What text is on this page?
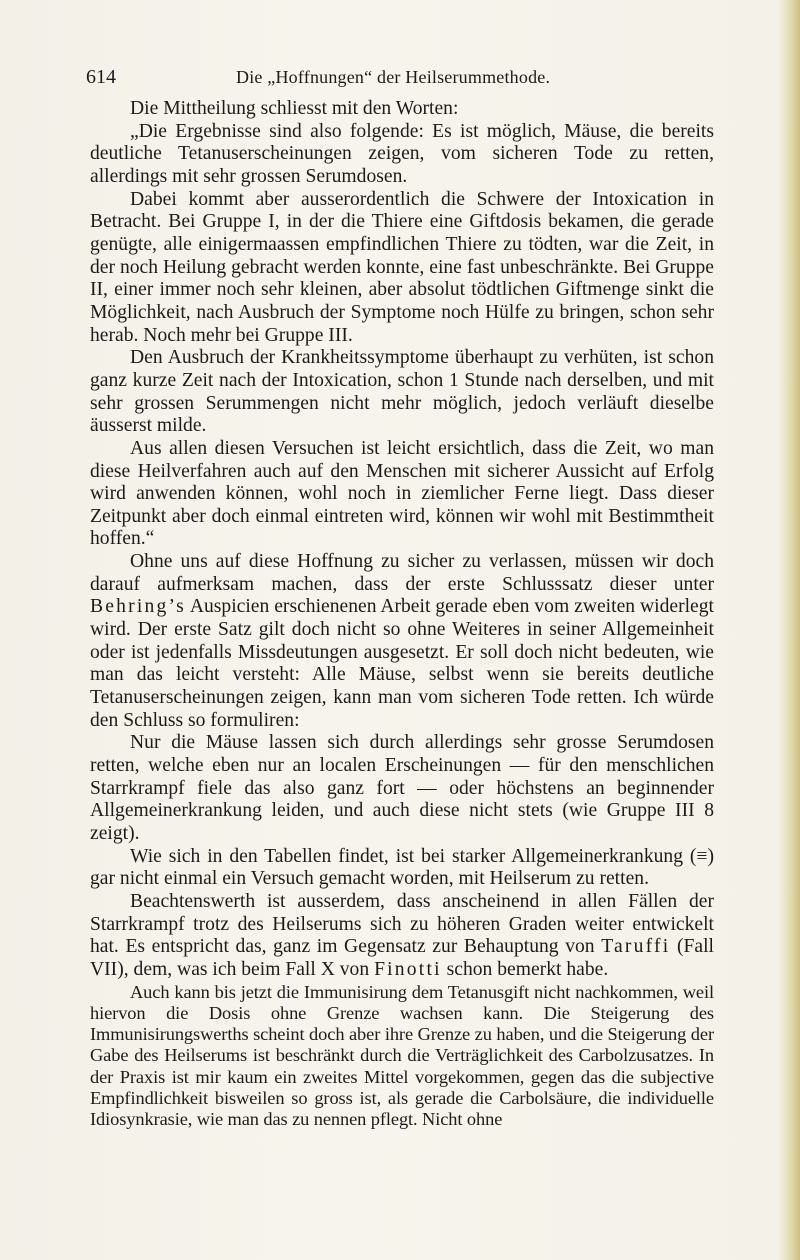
614	Die „Hoffnungen“ der Heilserummethode.

Die Mittheilung schliesst mit den Worten:

„Die Ergebnisse sind also folgende: Es ist möglich, Mäuse, die bereits deutliche Tetanuserscheinungen zeigen, vom sicheren Tode zu retten, allerdings mit sehr grossen Serumdosen.

Dabei kommt aber ausserordentlich die Schwere der Intoxication in Betracht. Bei Gruppe I, in der die Thiere eine Giftdosis bekamen, die gerade genügte, alle einigermaassen empfindlichen Thiere zu tödten, war die Zeit, in der noch Heilung gebracht werden konnte, eine fast unbeschränkte. Bei Gruppe II, einer immer noch sehr kleinen, aber absolut tödtlichen Giftmenge sinkt die Möglichkeit, nach Ausbruch der Symptome noch Hülfe zu bringen, schon sehr herab. Noch mehr bei Gruppe III.

Den Ausbruch der Krankheitssymptome überhaupt zu verhüten, ist schon ganz kurze Zeit nach der Intoxication, schon 1 Stunde nach derselben, und mit sehr grossen Serummengen nicht mehr möglich, jedoch verläuft dieselbe äusserst milde.

Aus allen diesen Versuchen ist leicht ersichtlich, dass die Zeit, wo man diese Heilverfahren auch auf den Menschen mit sicherer Aussicht auf Erfolg wird anwenden können, wohl noch in ziemlicher Ferne liegt. Dass dieser Zeitpunkt aber doch einmal eintreten wird, können wir wohl mit Bestimmtheit hoffen.“

Ohne uns auf diese Hoffnung zu sicher zu verlassen, müssen wir doch darauf aufmerksam machen, dass der erste Schlusssatz dieser unter Behring’s Auspicien erschienenen Arbeit gerade eben vom zweiten widerlegt wird. Der erste Satz gilt doch nicht so ohne Weiteres in seiner Allgemeinheit oder ist jedenfalls Missdeutungen ausgesetzt. Er soll doch nicht bedeuten, wie man das leicht versteht: Alle Mäuse, selbst wenn sie bereits deutliche Tetanuserscheinungen zeigen, kann man vom sicheren Tode retten. Ich würde den Schluss so formuliren:

Nur die Mäuse lassen sich durch allerdings sehr grosse Serumdosen retten, welche eben nur an localen Erscheinungen — für den menschlichen Starrkrampf fiele das also ganz fort — oder höchstens an beginnender Allgemeinerkrankung leiden, und auch diese nicht stets (wie Gruppe III 8 zeigt).

Wie sich in den Tabellen findet, ist bei starker Allgemeinerkrankung (≡) gar nicht einmal ein Versuch gemacht worden, mit Heilserum zu retten.

Beachtenswerth ist ausserdem, dass anscheinend in allen Fällen der Starrkrampf trotz des Heilserums sich zu höheren Graden weiter entwickelt hat. Es entspricht das, ganz im Gegensatz zur Behauptung von Taruffi (Fall VII), dem, was ich beim Fall X von Finotti schon bemerkt habe.

Auch kann bis jetzt die Immunisirung dem Tetanusgift nicht nachkommen, weil hiervon die Dosis ohne Grenze wachsen kann. Die Steigerung des Immunisirungswerths scheint doch aber ihre Grenze zu haben, und die Steigerung der Gabe des Heilserums ist beschränkt durch die Verträglichkeit des Carbolzusatzes. In der Praxis ist mir kaum ein zweites Mittel vorgekommen, gegen das die subjective Empfindlichkeit bisweilen so gross ist, als gerade die Carbolsäure, die individuelle Idiosynkrasie, wie man das zu nennen pflegt. Nicht ohne
